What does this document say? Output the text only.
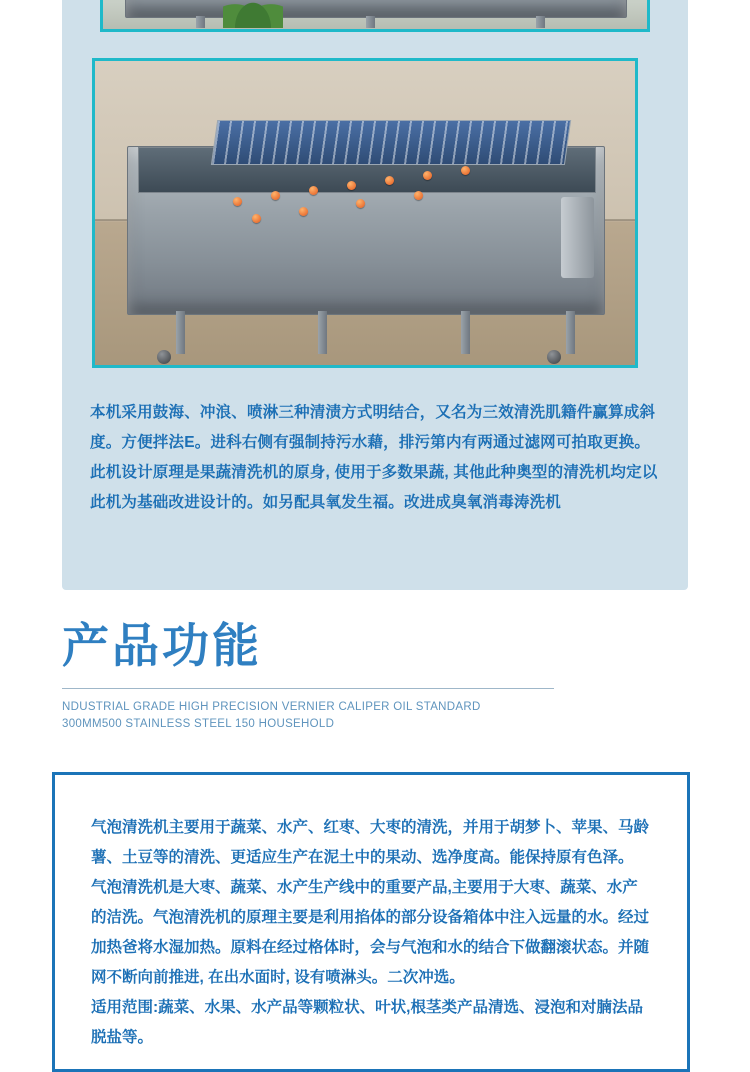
本机采用鼓海、冲浪、喷淋三种清渍方式明结合，又名为三效清洗肌籍件赢算成斜度。方便拌法E。进科右侧有强制持污水藉，排污第内有两通过滤网可拍取更换。此机设计原理是果蔬清洗机的原身, 使用于多数果蔬, 其他此种奥型的清洗机均定以此机为基础改进设计的。如另配具氧发生福。改进成臭氧消毒涛洗机
产品功能
NDUSTRIAL GRADE HIGH PRECISION VERNIER CALIPER OIL STANDARD
300MM500 STAINLESS STEEL 150 HOUSEHOLD

气泡清洗机主要用于蔬菜、水产、红枣、大枣的清洗，并用于胡梦卜、苹果、马龄薯、土豆等的清洗、更适应生产在泥土中的果动、选净度高。能保持原有色泽。

气泡清洗机是大枣、蔬菜、水产生产线中的重要产品,主要用于大枣、蔬菜、水产的洁洗。气泡清洗机的原理主要是利用掐体的部分设备箱体中注入远量的水。经过加热爸将水湿加热。原料在经过格体时，会与气泡和水的结合下做翻滚状态。并随网不断向前推进, 在出水面时, 设有喷淋头。二次冲选。

适用范围:蔬菜、水果、水产品等颗粒状、叶状,根茎类产品清选、浸泡和对腩法品脱盐等。
